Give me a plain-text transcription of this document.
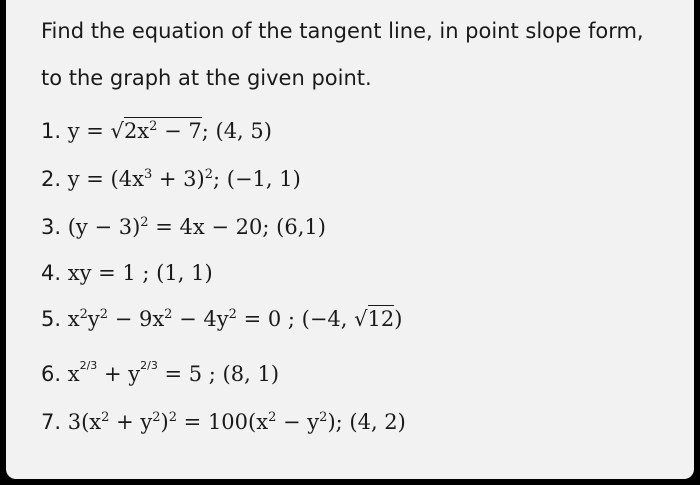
Find the equation of the tangent line, in point slope form,
to the graph at the given point.
1. $y = √2x^2 - 7$; (4, 5)
2. $y = (4x^3 + 3)^2$; (−1, 1)
3. $(y - 3)^2 = 4x - 20$; (6,1)
4. xy = 1 ; (1, 1)
5. $x^2y^2 - 9x^2 - 4y^2 = 0$ ; (−4, √12)
6. $x^{2/3} + y^{2/3} = 5$ ; (8, 1)
7. $3(x^2 + y^2)^2 = 100(x^2 - y^2)$; (4, 2)
